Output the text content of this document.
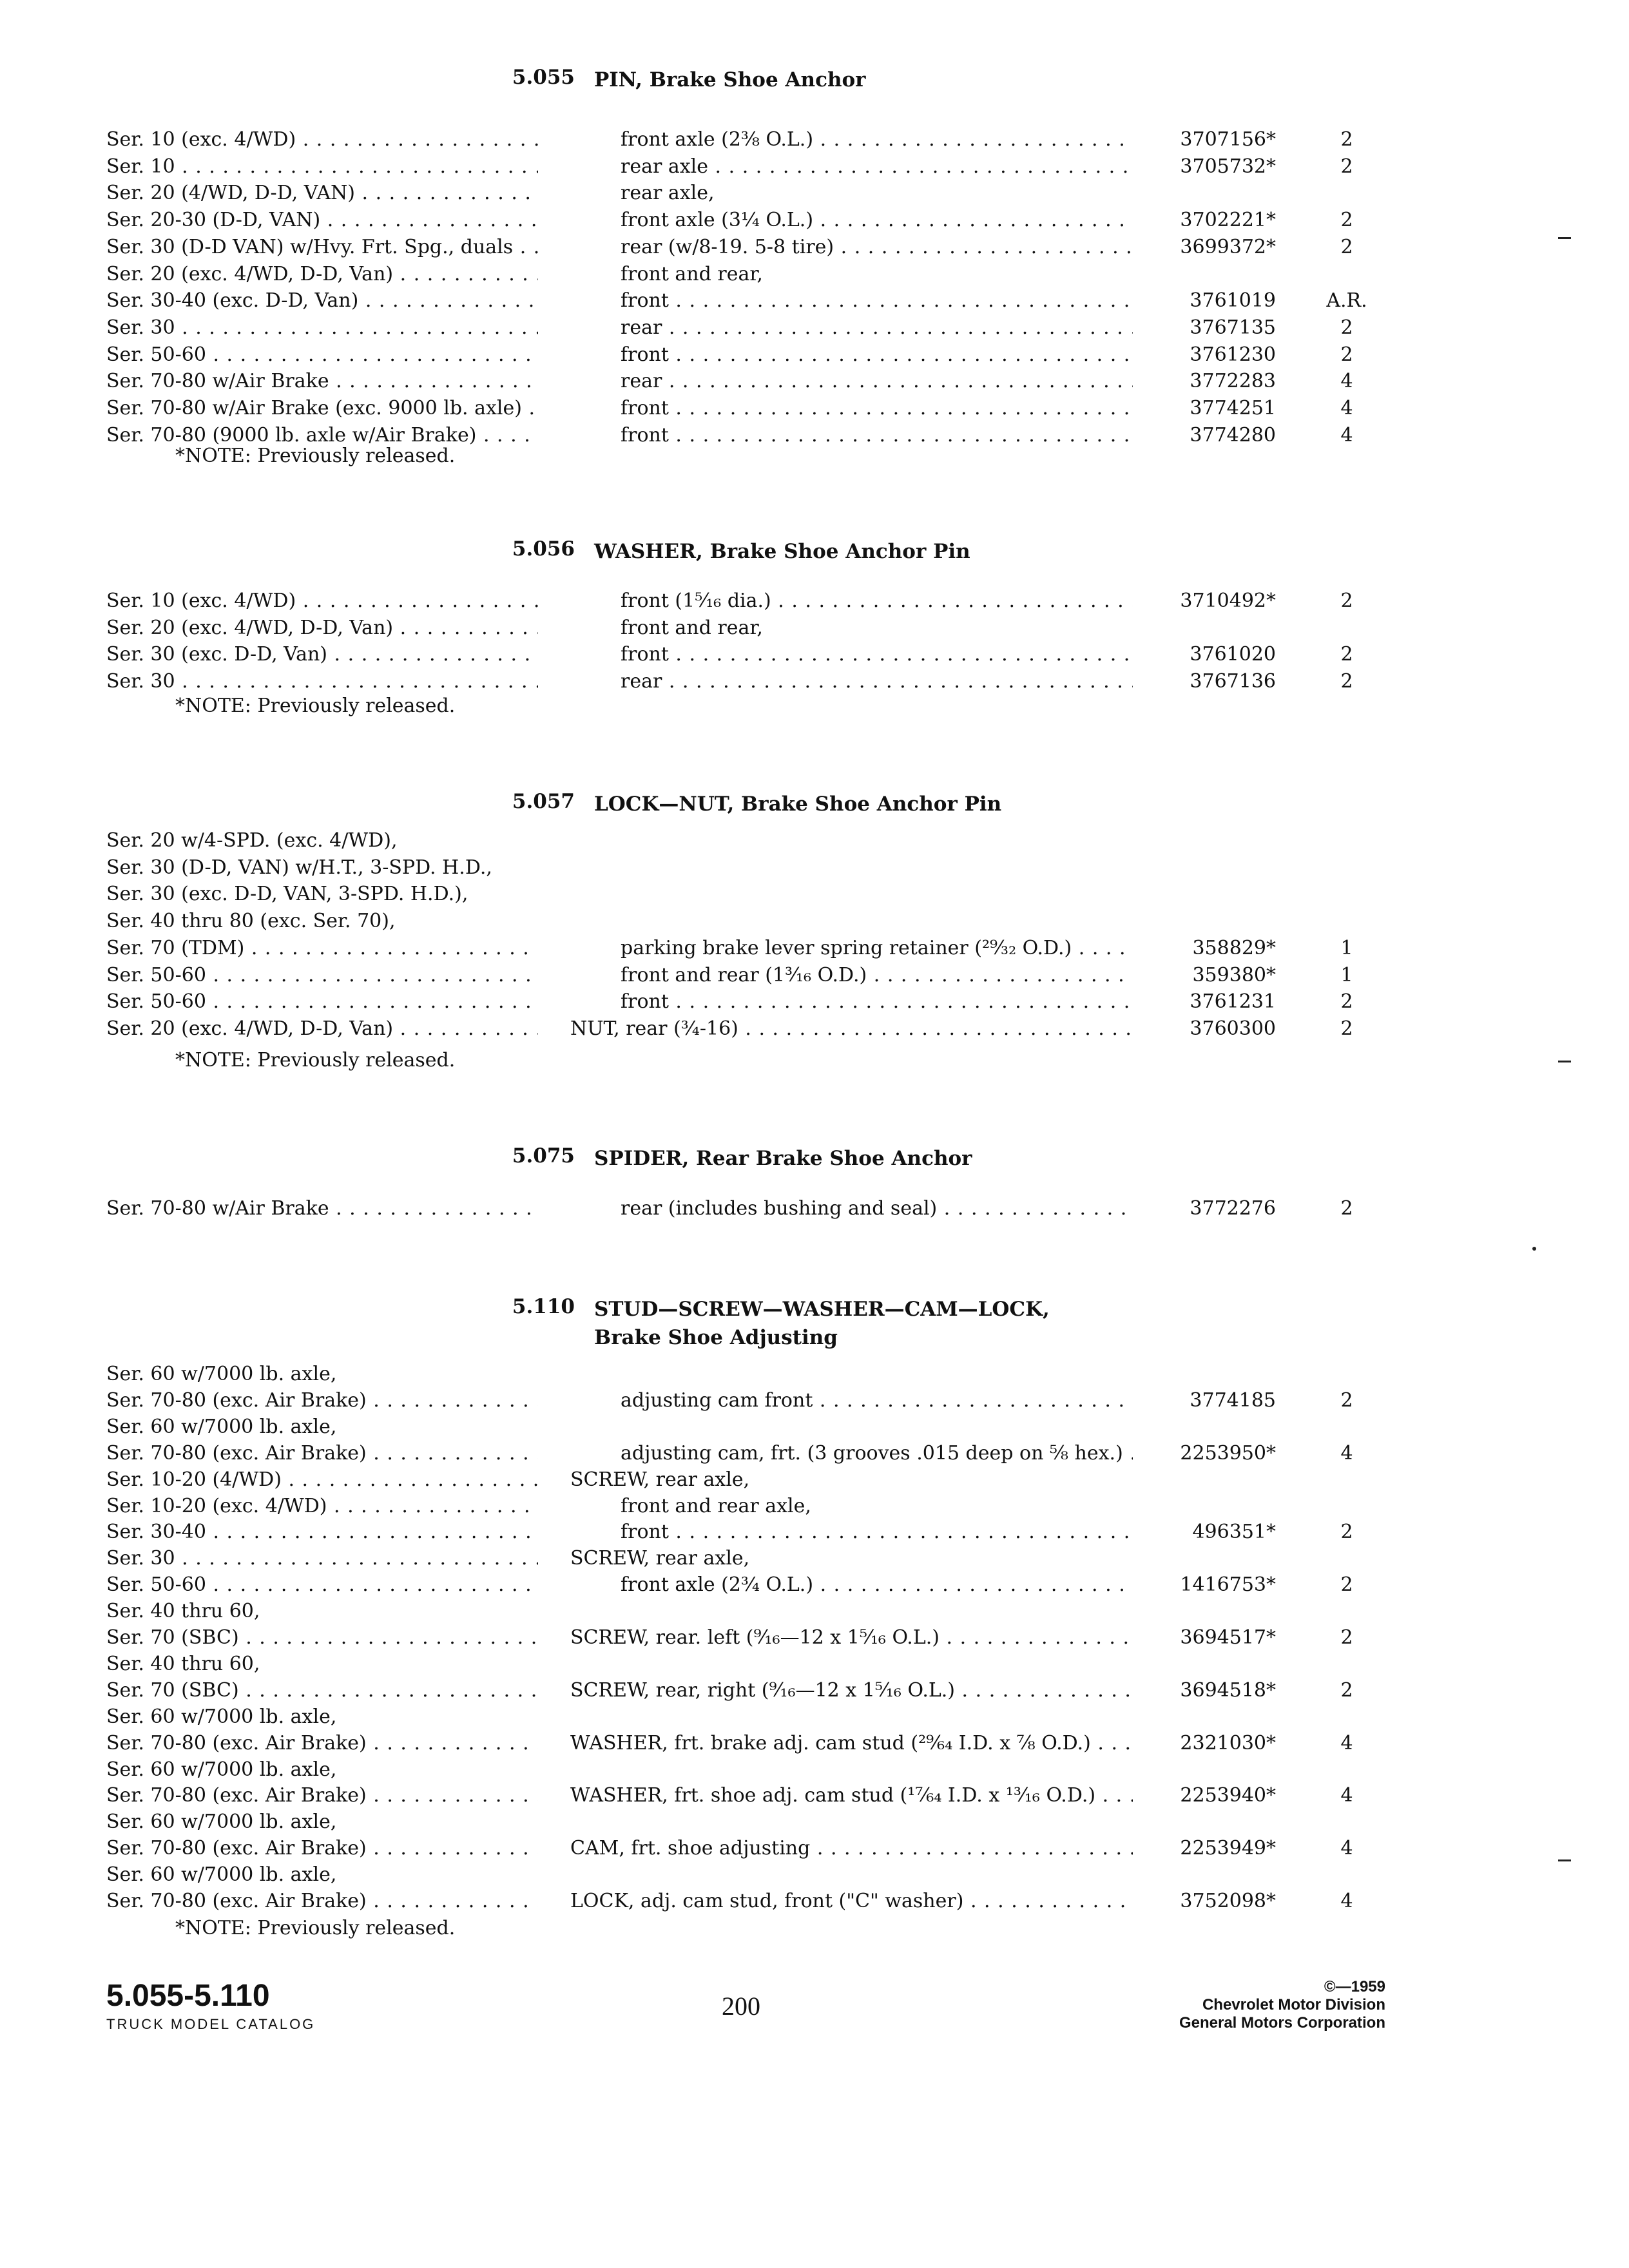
5.055 PIN, Brake Shoe Anchor
Ser. 10 (exc. 4/WD) . . .	front axle (2⅜ O.L.) . . .	3707156*	2
Ser. 10 . . .	rear axle . . .	3705732*	2
Ser. 20 (4/WD, D-D, VAN) . . .	rear axle,
Ser. 20-30 (D-D, VAN) . . .	front axle (3¼ O.L.) . . .	3702221*	2
Ser. 30 (D-D VAN) w/Hvy. Frt. Spg., duals . . .	rear (w/8-19. 5-8 tire) . . .	3699372*	2
Ser. 20 (exc. 4/WD, D-D, Van) . . .	front and rear,
Ser. 30-40 (exc. D-D, Van) . . .	front . . .	3761019	A.R.
Ser. 30 . . .	rear . . .	3767135	2
Ser. 50-60 . . .	front . . .	3761230	2
Ser. 70-80 w/Air Brake . . .	rear . . .	3772283	4
Ser. 70-80 w/Air Brake (exc. 9000 lb. axle) . . .	front . . .	3774251	4
Ser. 70-80 (9000 lb. axle w/Air Brake) . . .	front . . .	3774280	4
*NOTE: Previously released.
5.056 WASHER, Brake Shoe Anchor Pin
Ser. 10 (exc. 4/WD) . . .	front (1⁵⁄₁₆ dia.) . . .	3710492*	2
Ser. 20 (exc. 4/WD, D-D, Van) . . .	front and rear,
Ser. 30 (exc. D-D, Van) . . .	front . . .	3761020	2
Ser. 30 . . .	rear . . .	3767136	2
*NOTE: Previously released.
5.057 LOCK—NUT, Brake Shoe Anchor Pin
Ser. 20 w/4-SPD. (exc. 4/WD),
Ser. 30 (D-D, VAN) w/H.T., 3-SPD. H.D.,
Ser. 30 (exc. D-D, VAN, 3-SPD. H.D.),
Ser. 40 thru 80 (exc. Ser. 70),
Ser. 70 (TDM) . . .	parking brake lever spring retainer (²⁹⁄₃₂ O.D.) . . .	358829*	1
Ser. 50-60 . . .	front and rear (1³⁄₁₆ O.D.) . . .	359380*	1
Ser. 50-60 . . .	front . . .	3761231	2
Ser. 20 (exc. 4/WD, D-D, Van) . . .	NUT, rear (¾-16) . . .	3760300	2
*NOTE: Previously released.
5.075 SPIDER, Rear Brake Shoe Anchor
Ser. 70-80 w/Air Brake . . .	rear (includes bushing and seal) . . .	3772276	2
5.110 STUD—SCREW—WASHER—CAM—LOCK,
Brake Shoe Adjusting
Ser. 60 w/7000 lb. axle,
Ser. 70-80 (exc. Air Brake) . . .	adjusting cam front . . .	3774185	2
Ser. 60 w/7000 lb. axle,
Ser. 70-80 (exc. Air Brake) . . .	adjusting cam, frt. (3 grooves .015 deep on ⅝ hex.) . . .	2253950*	4
Ser. 10-20 (4/WD) . . .	SCREW, rear axle,
Ser. 10-20 (exc. 4/WD) . . .	front and rear axle,
Ser. 30-40 . . .	front . . .	496351*	2
Ser. 30 . . .	SCREW, rear axle,
Ser. 50-60 . . .	front axle (2¾ O.L.) . . .	1416753*	2
Ser. 40 thru 60,
Ser. 70 (SBC) . . .	SCREW, rear. left (⁹⁄₁₆—12 x 1⁵⁄₁₆ O.L.) . . .	3694517*	2
Ser. 40 thru 60,
Ser. 70 (SBC) . . .	SCREW, rear, right (⁹⁄₁₆—12 x 1⁵⁄₁₆ O.L.) . . .	3694518*	2
Ser. 60 w/7000 lb. axle,
Ser. 70-80 (exc. Air Brake) . . .	WASHER, frt. brake adj. cam stud (²⁹⁄₆₄ I.D. x ⅞ O.D.) . . .	2321030*	4
Ser. 60 w/7000 lb. axle,
Ser. 70-80 (exc. Air Brake) . . .	WASHER, frt. shoe adj. cam stud (¹⁷⁄₆₄ I.D. x ¹³⁄₁₆ O.D.) . . .	2253940*	4
Ser. 60 w/7000 lb. axle,
Ser. 70-80 (exc. Air Brake) . . .	CAM, frt. shoe adjusting . . .	2253949*	4
Ser. 60 w/7000 lb. axle,
Ser. 70-80 (exc. Air Brake) . . .	LOCK, adj. cam stud, front ("C" washer) . . .	3752098*	4
*NOTE: Previously released.
5.055-5.110
TRUCK MODEL CATALOG
200
©—1959
Chevrolet Motor Division
General Motors Corporation
